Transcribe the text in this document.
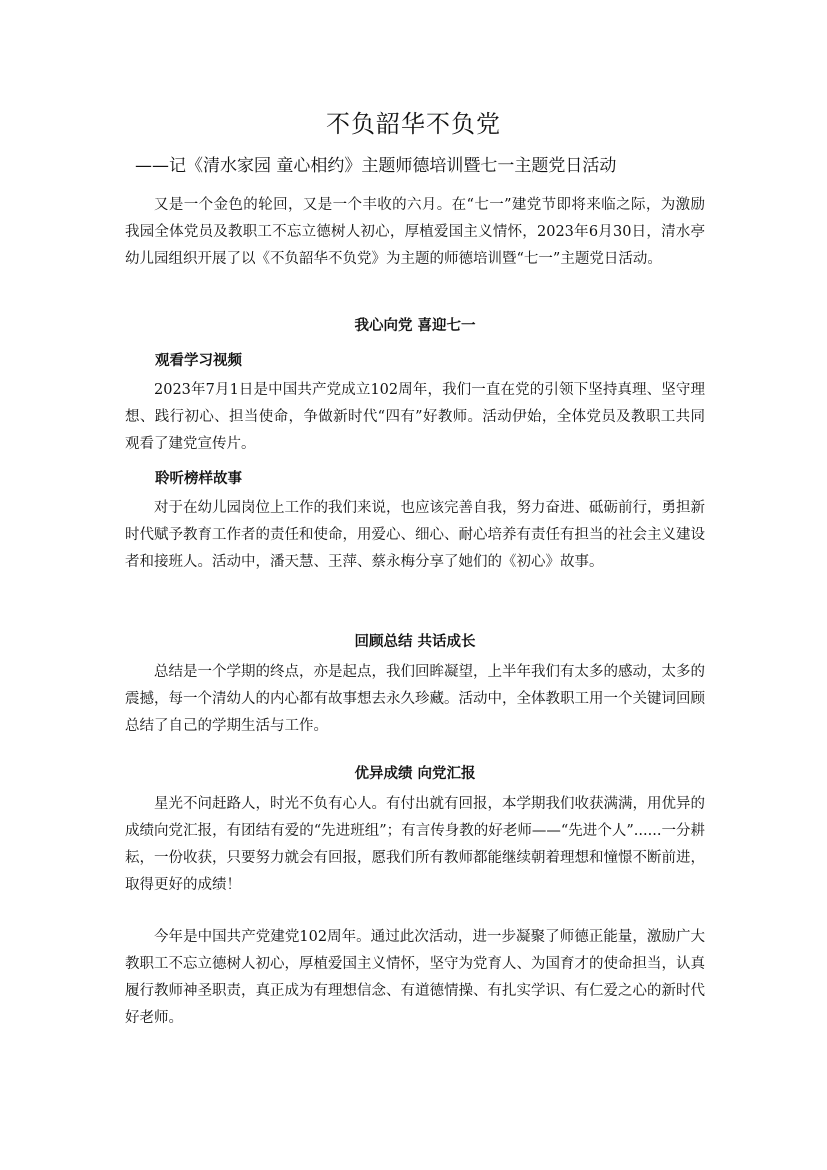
不负韶华不负党
——记《清水家园 童心相约》主题师德培训暨七一主题党日活动
又是一个金色的轮回，又是一个丰收的六月。在“七一”建党节即将来临之际，为激励我园全体党员及教职工不忘立德树人初心，厚植爱国主义情怀，2023年6月30日，清水亭幼儿园组织开展了以《不负韶华不负党》为主题的师德培训暨“七一”主题党日活动。
我心向党 喜迎七一
观看学习视频
2023年7月1日是中国共产党成立102周年，我们一直在党的引领下坚持真理、坚守理想、践行初心、担当使命，争做新时代“四有”好教师。活动伊始，全体党员及教职工共同观看了建党宣传片。
聆听榜样故事
对于在幼儿园岗位上工作的我们来说，也应该完善自我，努力奋进、砥砺前行，勇担新时代赋予教育工作者的责任和使命，用爱心、细心、耐心培养有责任有担当的社会主义建设者和接班人。活动中，潘天慧、王萍、蔡永梅分享了她们的《初心》故事。
回顾总结 共话成长
总结是一个学期的终点，亦是起点，我们回眸凝望，上半年我们有太多的感动，太多的震撼，每一个清幼人的内心都有故事想去永久珍藏。活动中，全体教职工用一个关键词回顾总结了自己的学期生活与工作。
优异成绩 向党汇报
星光不问赶路人，时光不负有心人。有付出就有回报，本学期我们收获满满，用优异的成绩向党汇报，有团结有爱的“先进班组”；有言传身教的好老师——“先进个人”......一分耕耘，一份收获，只要努力就会有回报，愿我们所有教师都能继续朝着理想和憧憬不断前进，取得更好的成绩！
今年是中国共产党建党102周年。通过此次活动，进一步凝聚了师德正能量，激励广大教职工不忘立德树人初心，厚植爱国主义情怀，坚守为党育人、为国育才的使命担当，认真履行教师神圣职责，真正成为有理想信念、有道德情操、有扎实学识、有仁爱之心的新时代好老师。
